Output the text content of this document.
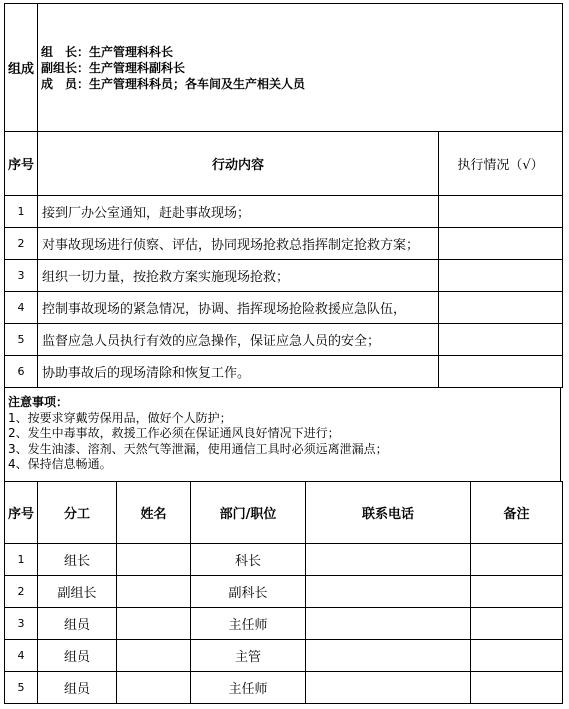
组成	
组　长：生产管理科科长
副组长：生产管理科副科长
成　员：生产管理科科员；各车间及生产相关人员
序号	行动内容	执行情况（√）
1	接到厂办公室通知，赶赴事故现场；	
2	对事故现场进行侦察、评估，协同现场抢救总指挥制定抢救方案；	
3	组织一切力量，按抢救方案实施现场抢救；	
4	控制事故现场的紧急情况，协调、指挥现场抢险救援应急队伍，	
5	监督应急人员执行有效的应急操作，保证应急人员的安全；	
6	协助事故后的现场清除和恢复工作。	
注意事项：
1、按要求穿戴劳保用品，做好个人防护；
2、发生中毒事故，救援工作必须在保证通风良好情况下进行；
3、发生油漆、溶剂、天然气等泄漏，使用通信工具时必须远离泄漏点；
4、保持信息畅通。
序号	分工	姓名	部门/职位	联系电话	备注
1	组长		科长		
2	副组长		副科长		
3	组员		主任师		
4	组员		主管		
5	组员		主任师		
